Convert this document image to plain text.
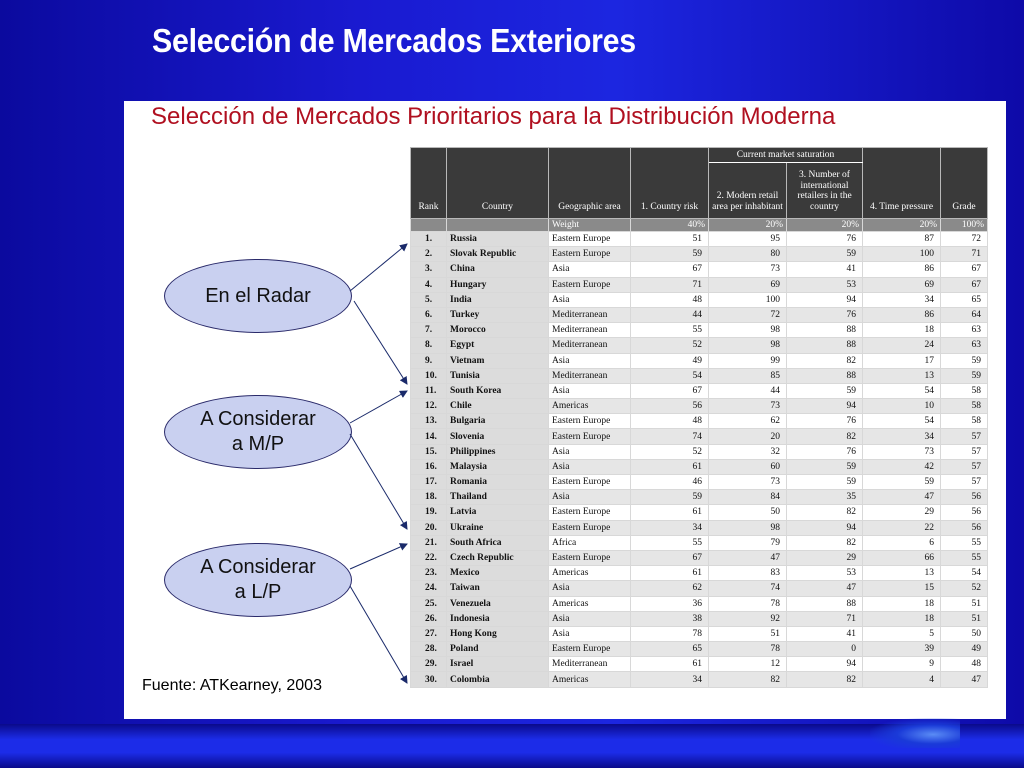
Selección de Mercados Exteriores
Selección de Mercados Prioritarios para la Distribución Moderna
En el Radar
A Considerar
a M/P
A Considerar
a L/P
Rank	Country	Geographic area	1. Country risk	Current market saturation		4. Time pressure	Grade
				2. Modern retail area per inhabitant	3. Number of international retailers in the country		
		Weight	40%	20%	20%	20%	100%
1.	Russia	Eastern Europe	51	95	76	87	72
2.	Slovak Republic	Eastern Europe	59	80	59	100	71
3.	China	Asia	67	73	41	86	67
4.	Hungary	Eastern Europe	71	69	53	69	67
5.	India	Asia	48	100	94	34	65
6.	Turkey	Mediterranean	44	72	76	86	64
7.	Morocco	Mediterranean	55	98	88	18	63
8.	Egypt	Mediterranean	52	98	88	24	63
9.	Vietnam	Asia	49	99	82	17	59
10.	Tunisia	Mediterranean	54	85	88	13	59
11.	South Korea	Asia	67	44	59	54	58
12.	Chile	Americas	56	73	94	10	58
13.	Bulgaria	Eastern Europe	48	62	76	54	58
14.	Slovenia	Eastern Europe	74	20	82	34	57
15.	Philippines	Asia	52	32	76	73	57
16.	Malaysia	Asia	61	60	59	42	57
17.	Romania	Eastern Europe	46	73	59	59	57
18.	Thailand	Asia	59	84	35	47	56
19.	Latvia	Eastern Europe	61	50	82	29	56
20.	Ukraine	Eastern Europe	34	98	94	22	56
21.	South Africa	Africa	55	79	82	6	55
22.	Czech Republic	Eastern Europe	67	47	29	66	55
23.	Mexico	Americas	61	83	53	13	54
24.	Taiwan	Asia	62	74	47	15	52
25.	Venezuela	Americas	36	78	88	18	51
26.	Indonesia	Asia	38	92	71	18	51
27.	Hong Kong	Asia	78	51	41	5	50
28.	Poland	Eastern Europe	65	78	0	39	49
29.	Israel	Mediterranean	61	12	94	9	48
30.	Colombia	Americas	34	82	82	4	47
Fuente: ATKearney, 2003
